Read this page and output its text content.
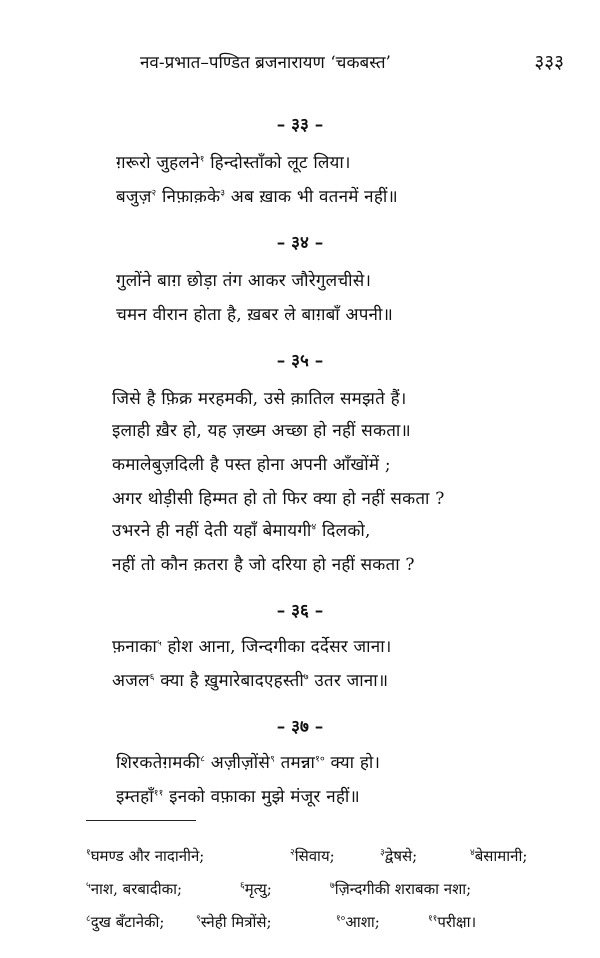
नव-प्रभात–पण्डित ब्रजनारायण ‘चकबस्त’	३३३
– ३३ –
ग़रूरो जुहलने$^१$ हिन्दोस्ताँको लूट लिया।
बजुज़$^२$ निफ़ाक़के$^३$ अब ख़ाक भी वतनमें नहीं॥
– ३४ –
गुलोंने बाग़ छोड़ा तंग आकर जौरेगुलचीसे।
चमन वीरान होता है, ख़बर ले बाग़बाँ अपनी॥
– ३५ –
जिसे है फ़िक्र मरहमकी, उसे क़ातिल समझते हैं।
इलाही ख़ैर हो, यह ज़ख्म अच्छा हो नहीं सकता॥
कमालेबुज़दिली है पस्त होना अपनी आँखोंमें ;
अगर थोड़ीसी हिम्मत हो तो फिर क्या हो नहीं सकता ?
उभरने ही नहीं देती यहाँ बेमायगी$^४$ दिलको,
नहीं तो कौन क़तरा है जो दरिया हो नहीं सकता ?
– ३६ –
फ़नाका$^५$ होश आना, जिन्दगीका दर्देसर जाना।
अजल$^६$ क्या है ख़ुमारेबादएहस्ती$^७$ उतर जाना॥
– ३७ –
शिरकतेग़मकी$^८$ अज़ीज़ोंसे$^९$ तमन्ना$^{१०}$ क्या हो।
इम्तहाँ$^{११}$ इनको वफ़ाका मुझे मंजूर नहीं॥
$^१$घमण्ड और नादानीने;	$^२$सिवाय;	$^३$द्वेषसे;	$^४$बेसामानी;
$^५$नाश, बरबादीका;	$^६$मृत्यु;	$^७$ज़िन्दगीकी शराबका नशा;
$^८$दुख बँटानेकी;	$^९$स्नेही मित्रोंसे;	$^{१०}$आशा;	$^{११}$परीक्षा।
